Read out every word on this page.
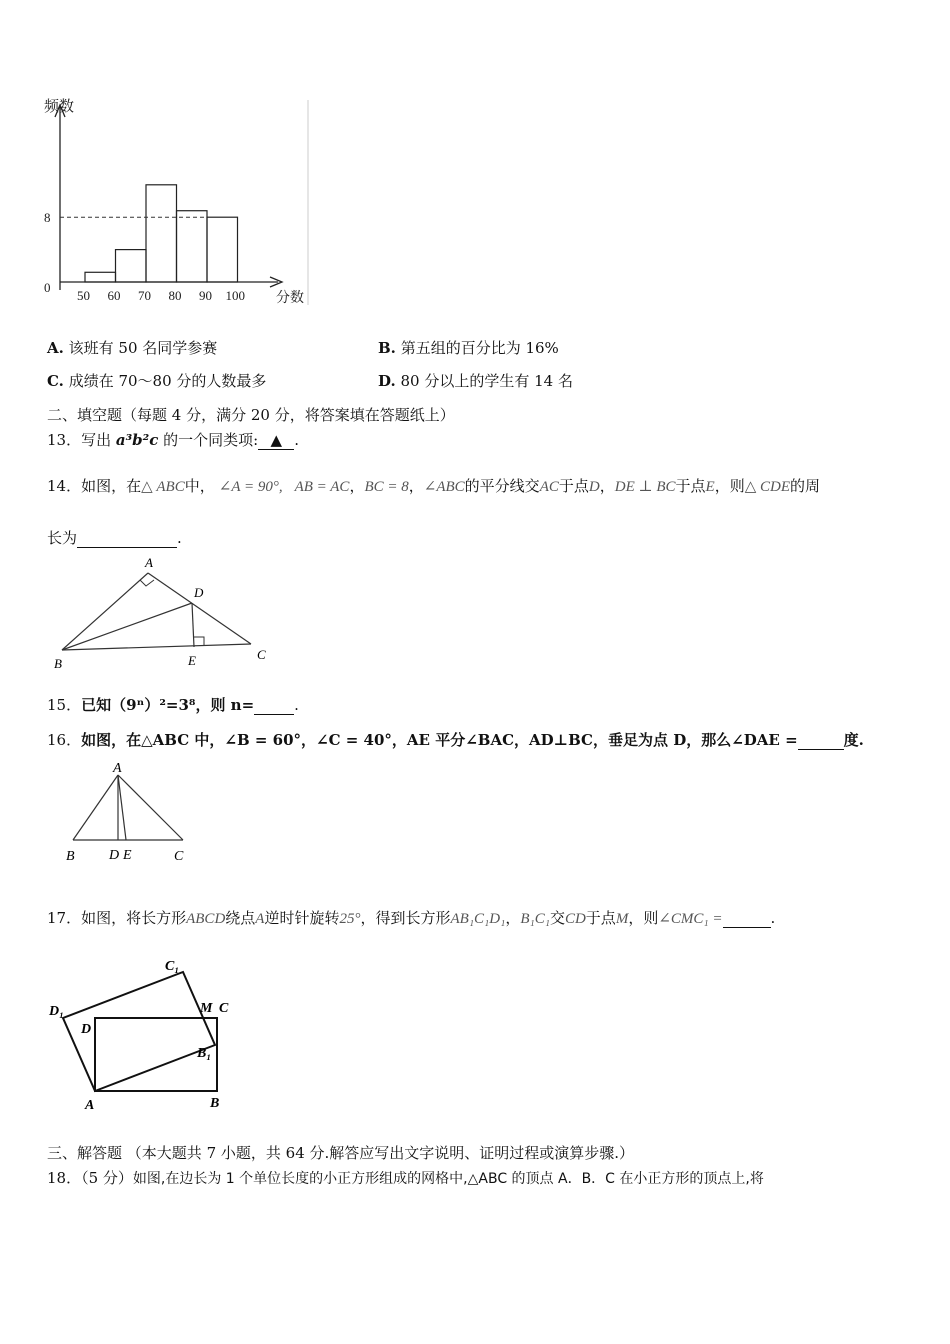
频数
分数
50 60 70 80 90 100
0
8
A. 该班有 50 名同学参赛	B. 第五组的百分比为 16%
C. 成绩在 70～80 分的人数最多	D. 80 分以上的学生有 14 名
二、填空题（每题 4 分，满分 20 分，将答案填在答题纸上）
13．写出 a³b²c 的一个同类项: ▲ .
14．如图，在△ ABC中， ∠A = 90°, AB = AC，BC = 8，∠ABC的平分线交AC于点D，DE ⊥ BC于点E，则△ CDE的周
长为	.
A
B
C
D
E
15．已知（9ⁿ）²=3⁸，则 n=	.
16．如图，在△ABC 中，∠B = 60°，∠C = 40°，AE 平分∠BAC，AD⊥BC，垂足为点 D，那么∠DAE =	度.
A
B D E	C
17．如图，将长方形ABCD绕点A逆时针旋转25°，得到长方形AB₁C₁D₁，B₁C₁交CD于点M，则∠CMC₁ =	.
A	B
C
D
M
B₁
C₁
D₁
三、解答题 （本大题共 7 小题，共 64 分.解答应写出文字说明、证明过程或演算步骤.）
18．（5 分）如图,在边长为 1 个单位长度的小正方形组成的网格中,△ABC 的顶点 A．B．C 在小正方形的顶点上,将
